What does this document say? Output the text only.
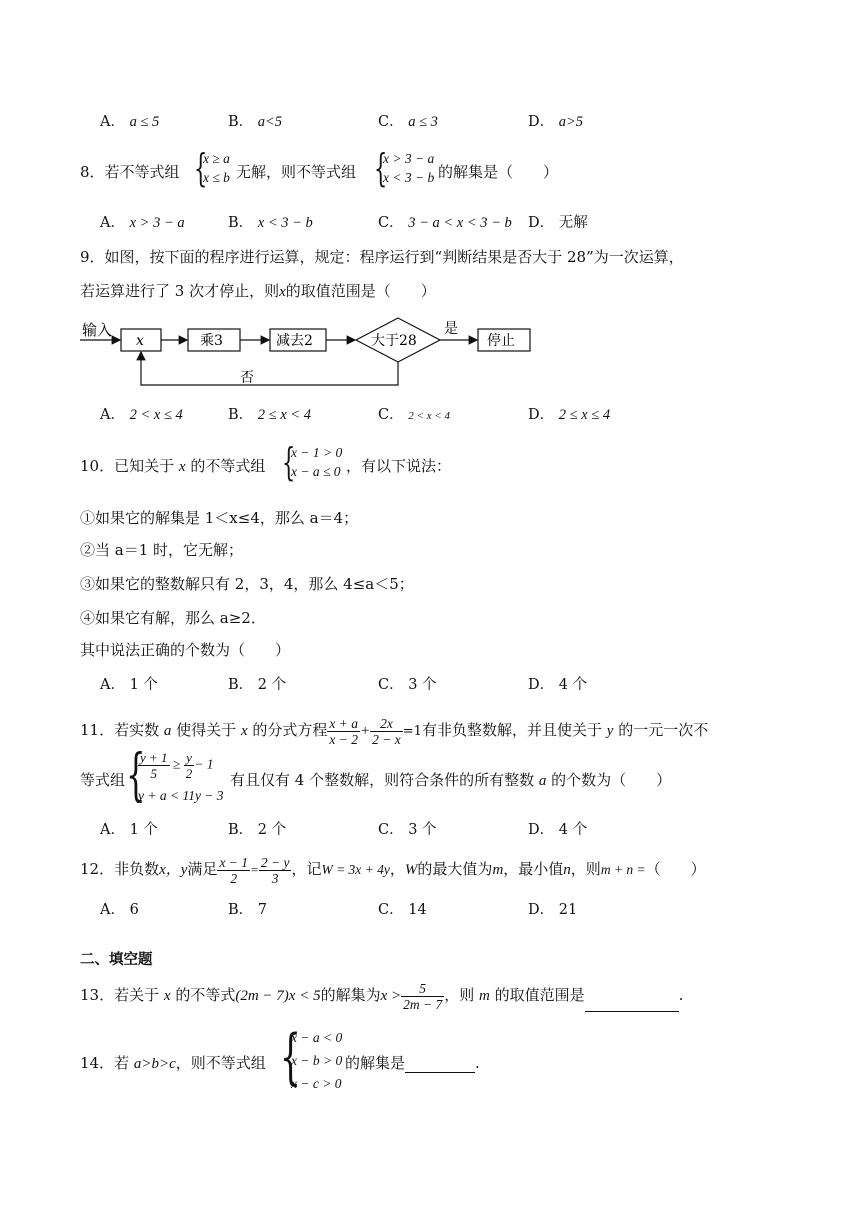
A． a ≤ 5	B． a<5	C． a ≤ 3	D． a>5
8．若不等式组 {
x ≥ a
x ≤ b 无解，则不等式组 {
x > 3 − a
x < 3 − b 的解集是（　　）
A． x > 3 − a	B． x < 3 − b	C． 3 − a < x < 3 − b D． 无解
9．如图，按下面的程序进行运算，规定：程序运行到“判断结果是否大于 28”为一次运算，
若运算进行了 3 次才停止，则x的取值范围是（　　）
输入
x	乘3	减去2	大于28
是
停止
否
A． 2 < x ≤ 4	B． 2 ≤ x < 4	C． 2 < x < 4	D． 2 ≤ x ≤ 4
10．已知关于 x 的不等式组 {
x − 1 > 0
x − a ≤ 0 ，有以下说法：
①如果它的解集是 1＜x≤4，那么 a＝4；
②当 a＝1 时，它无解；
③如果它的整数解只有 2，3，4，那么 4≤a＜5；
④如果它有解，那么 a≥2．
其中说法正确的个数为（　　）
A． 1 个	B． 2 个	C． 3 个	D． 4 个
11．若实数 a 使得关于 x 的分式方程 $\frac{x + a}{x - 2} + \frac{2x}{2 - x} =1$有非负整数解，并且使关于 y 的一元一次不
等式组 {
$\frac{y + 1}{5} \ge \frac{y}{2} - 1$
y + a < 11y − 3
有且仅有 4 个整数解，则符合条件的所有整数 a 的个数为（　　）
A． 1 个	B． 2 个	C． 3 个	D． 4 个
12．非负数x，y满足 $\frac{x - 1}{2} = \frac{2 - y}{3}$ ，记W = 3x + 4y，W的最大值为m，最小值n，则m + n =（　　）
A． 6	B． 7	C． 14	D． 21
二、填空题
13．若关于 x 的不等式(2m − 7)x < 5的解集为$x > \frac{5}{2m - 7}$ ，则 m 的取值范围是	.
14．若 a>b>c，则不等式组 {
x − a < 0
x − b > 0
x − c > 0
的解集是	.
